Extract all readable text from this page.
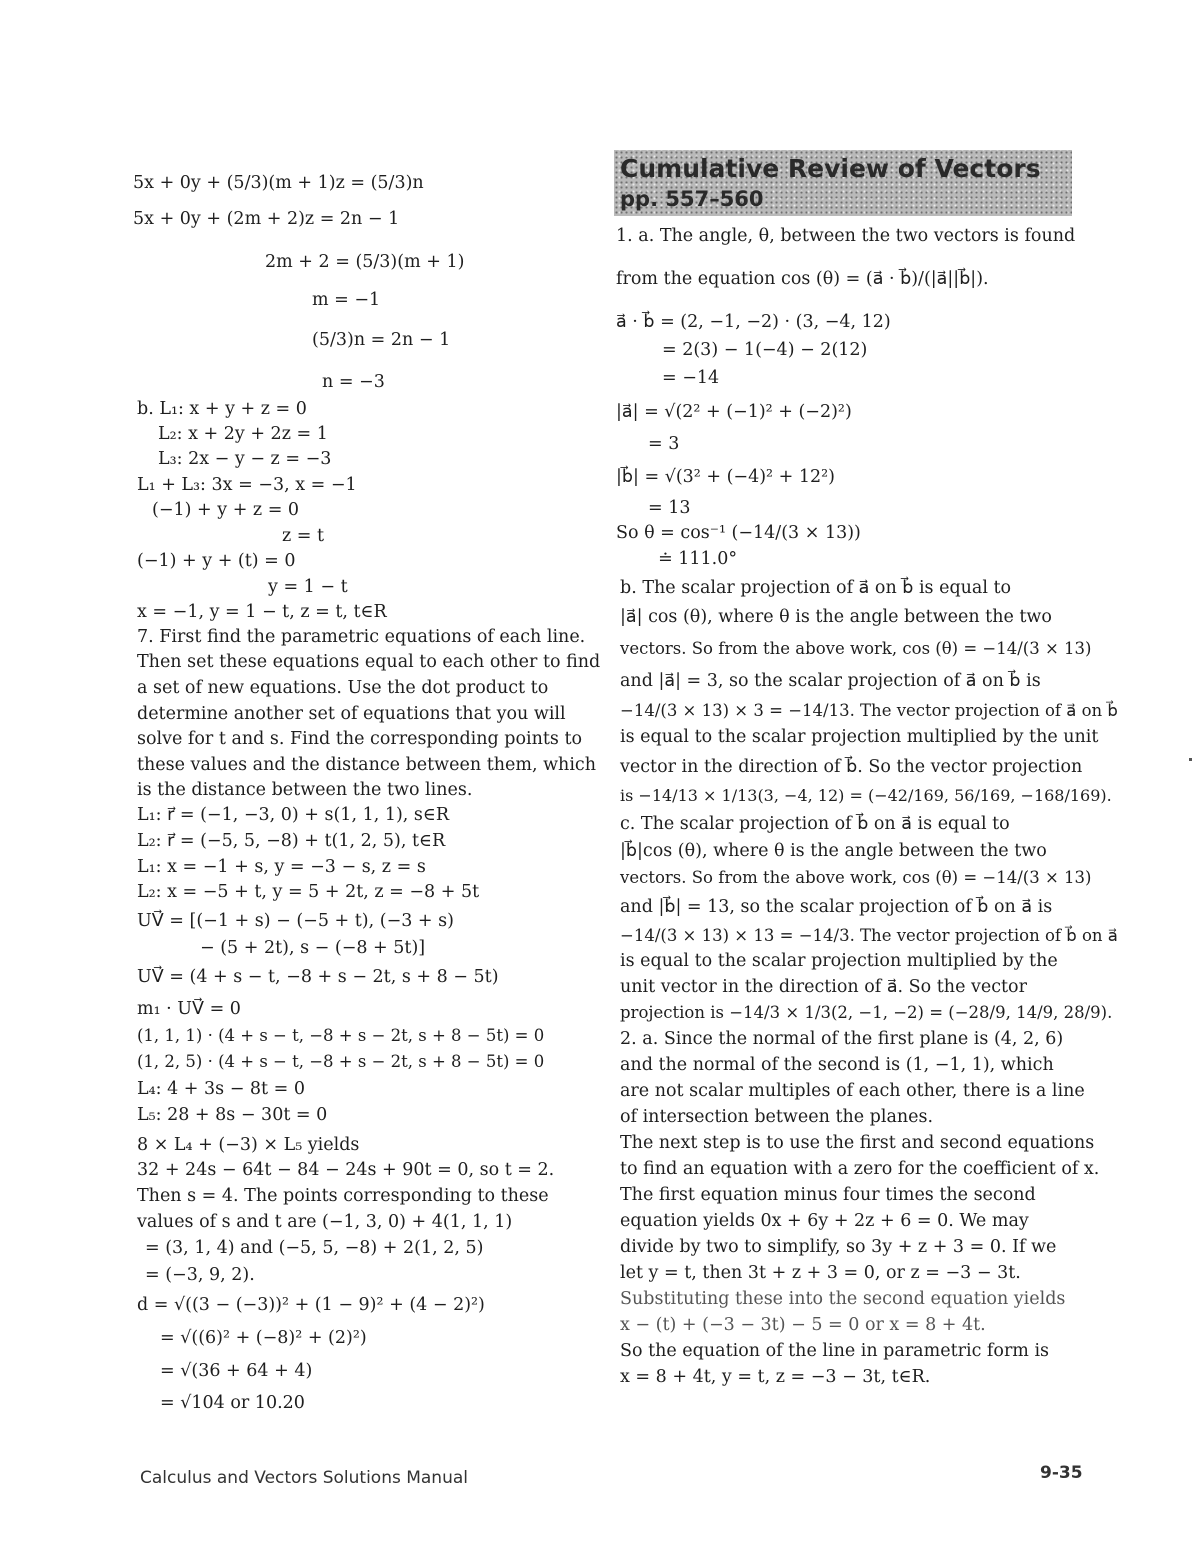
5x + 0y + (5/3)(m + 1)z = (5/3)n
5x + 0y + (2m + 2)z = 2n − 1
2m + 2 = (5/3)(m + 1)
m = −1
(5/3)n = 2n − 1
n = −3
b. L₁: x + y + z = 0
L₂: x + 2y + 2z = 1
L₃: 2x − y − z = −3
L₁ + L₃: 3x = −3, x = −1
(−1) + y + z = 0
z = t
(−1) + y + (t) = 0
y = 1 − t
x = −1, y = 1 − t, z = t, t∈R
7. First find the parametric equations of each line.
Then set these equations equal to each other to find
a set of new equations. Use the dot product to
determine another set of equations that you will
solve for t and s. Find the corresponding points to
these values and the distance between them, which
is the distance between the two lines.
L₁: r⃗ = (−1, −3, 0) + s(1, 1, 1), s∈R
L₂: r⃗ = (−5, 5, −8) + t(1, 2, 5), t∈R
L₁: x = −1 + s, y = −3 − s, z = s
L₂: x = −5 + t, y = 5 + 2t, z = −8 + 5t
UV⃗ = [(−1 + s) − (−5 + t), (−3 + s)
− (5 + 2t), s − (−8 + 5t)]
UV⃗ = (4 + s − t, −8 + s − 2t, s + 8 − 5t)
m₁ · UV⃗ = 0
(1, 1, 1) · (4 + s − t, −8 + s − 2t, s + 8 − 5t) = 0
(1, 2, 5) · (4 + s − t, −8 + s − 2t, s + 8 − 5t) = 0
L₄: 4 + 3s − 8t = 0
L₅: 28 + 8s − 30t = 0
8 × L₄ + (−3) × L₅ yields
32 + 24s − 64t − 84 − 24s + 90t = 0, so t = 2.
Then s = 4. The points corresponding to these
values of s and t are (−1, 3, 0) + 4(1, 1, 1)
= (3, 1, 4) and (−5, 5, −8) + 2(1, 2, 5)
= (−3, 9, 2).
d = √((3 − (−3))² + (1 − 9)² + (4 − 2)²)
= √((6)² + (−8)² + (2)²)
= √(36 + 64 + 4)
= √104 or 10.20
Cumulative Review of Vectors
pp. 557–560
1. a. The angle, θ, between the two vectors is found
from the equation cos (θ) = (a⃗ · b⃗)/(|a⃗||b⃗|).
a⃗ · b⃗ = (2, −1, −2) · (3, −4, 12)
= 2(3) − 1(−4) − 2(12)
= −14
|a⃗| = √(2² + (−1)² + (−2)²)
= 3
|b⃗| = √(3² + (−4)² + 12²)
= 13
So θ = cos⁻¹ (−14/(3 × 13))
≐ 111.0°
b. The scalar projection of a⃗ on b⃗ is equal to
|a⃗| cos (θ), where θ is the angle between the two
vectors. So from the above work, cos (θ) = −14/(3 × 13)
and |a⃗| = 3, so the scalar projection of a⃗ on b⃗ is
−14/(3 × 13) × 3 = −14/13. The vector projection of a⃗ on b⃗
is equal to the scalar projection multiplied by the unit
vector in the direction of b⃗. So the vector projection
is −14/13 × 1/13(3, −4, 12) = (−42/169, 56/169, −168/169).
c. The scalar projection of b⃗ on a⃗ is equal to
|b⃗|cos (θ), where θ is the angle between the two
vectors. So from the above work, cos (θ) = −14/(3 × 13)
and |b⃗| = 13, so the scalar projection of b⃗ on a⃗ is
−14/(3 × 13) × 13 = −14/3. The vector projection of b⃗ on a⃗
is equal to the scalar projection multiplied by the
unit vector in the direction of a⃗. So the vector
projection is −14/3 × 1/3(2, −1, −2) = (−28/9, 14/9, 28/9).
2. a. Since the normal of the first plane is (4, 2, 6)
and the normal of the second is (1, −1, 1), which
are not scalar multiples of each other, there is a line
of intersection between the planes.
The next step is to use the first and second equations
to find an equation with a zero for the coefficient of x.
The first equation minus four times the second
equation yields 0x + 6y + 2z + 6 = 0. We may
divide by two to simplify, so 3y + z + 3 = 0. If we
let y = t, then 3t + z + 3 = 0, or z = −3 − 3t.
Substituting these into the second equation yields
x − (t) + (−3 − 3t) − 5 = 0 or x = 8 + 4t.
So the equation of the line in parametric form is
x = 8 + 4t, y = t, z = −3 − 3t, t∈R.
Calculus and Vectors Solutions Manual	9-35
